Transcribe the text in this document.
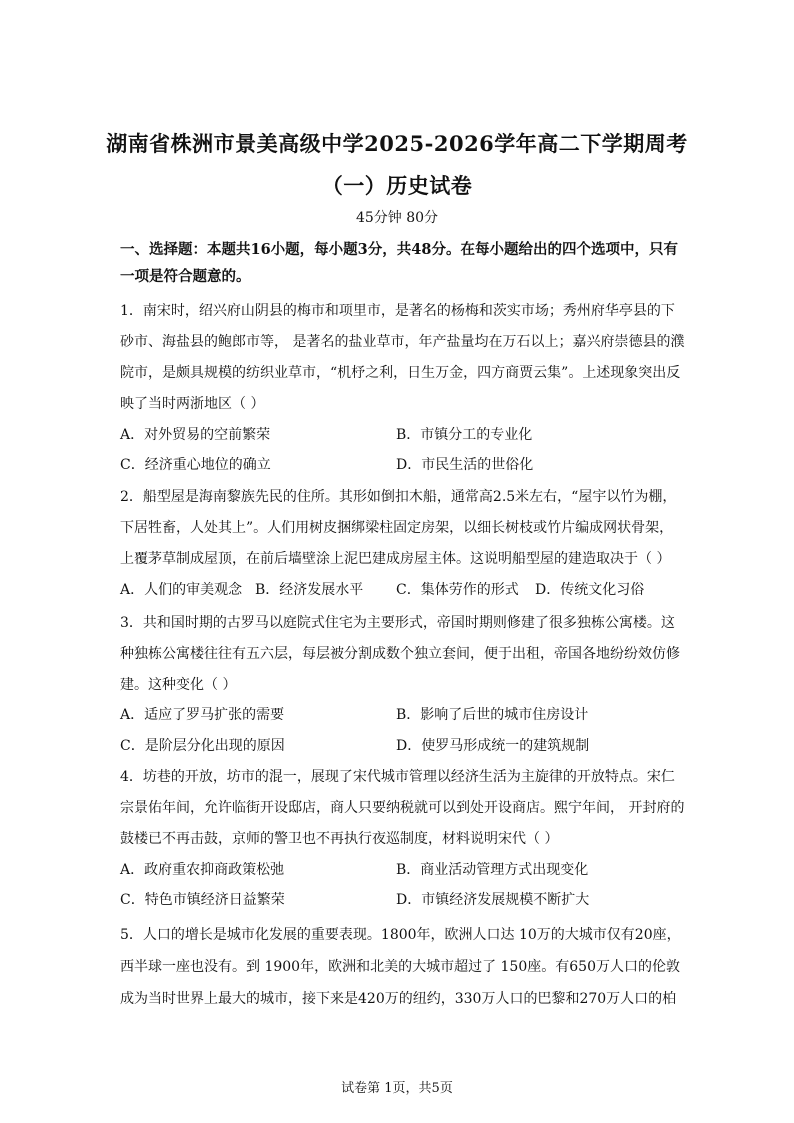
湖南省株洲市景美高级中学2025-2026学年高二下学期周考
（一）历史试卷
45分钟 80分
一、选择题：本题共16小题，每小题3分，共48分。在每小题给出的四个选项中，只有一项是符合题意的。
1．南宋时，绍兴府山阴县的梅市和项里市，是著名的杨梅和茨实市场；秀州府华亭县的下
砂市、海盐县的鲍郎市等， 是著名的盐业草市，年产盐量均在万石以上；嘉兴府崇德县的濮
院市，是颇具规模的纺织业草市，“机杼之利，日生万金，四方商贾云集”。上述现象突出反
映了当时两浙地区（ ）
A．对外贸易的空前繁荣	B．市镇分工的专业化
C．经济重心地位的确立	D．市民生活的世俗化
2．船型屋是海南黎族先民的住所。其形如倒扣木船，通常高2.5米左右，“屋宇以竹为棚，
下居牲畜，人处其上”。人们用树皮捆绑梁柱固定房架，以细长树枝或竹片编成网状骨架，
上覆茅草制成屋顶，在前后墙壁涂上泥巴建成房屋主体。这说明船型屋的建造取决于（ ）
A．人们的审美观念 B．经济发展水平 C．集体劳作的形式 D．传统文化习俗
3．共和国时期的古罗马以庭院式住宅为主要形式，帝国时期则修建了很多独栋公寓楼。这
种独栋公寓楼往往有五六层，每层被分割成数个独立套间，便于出租，帝国各地纷纷效仿修
建。这种变化（ ）
A．适应了罗马扩张的需要	B．影响了后世的城市住房设计
C．是阶层分化出现的原因	D．使罗马形成统一的建筑规制
4．坊巷的开放，坊市的混一，展现了宋代城市管理以经济生活为主旋律的开放特点。宋仁
宗景佑年间，允许临街开设邸店，商人只要纳税就可以到处开设商店。熙宁年间， 开封府的
鼓楼已不再击鼓，京师的警卫也不再执行夜巡制度，材料说明宋代（ ）
A．政府重农抑商政策松弛	B．商业活动管理方式出现变化
C．特色市镇经济日益繁荣	D．市镇经济发展规模不断扩大
5．人口的增长是城市化发展的重要表现。1800年，欧洲人口达 10万的大城市仅有20座，
西半球一座也没有。到 1900年，欧洲和北美的大城市超过了 150座。有650万人口的伦敦
成为当时世界上最大的城市，接下来是420万的纽约，330万人口的巴黎和270万人口的柏
试卷第 1页，共5页
